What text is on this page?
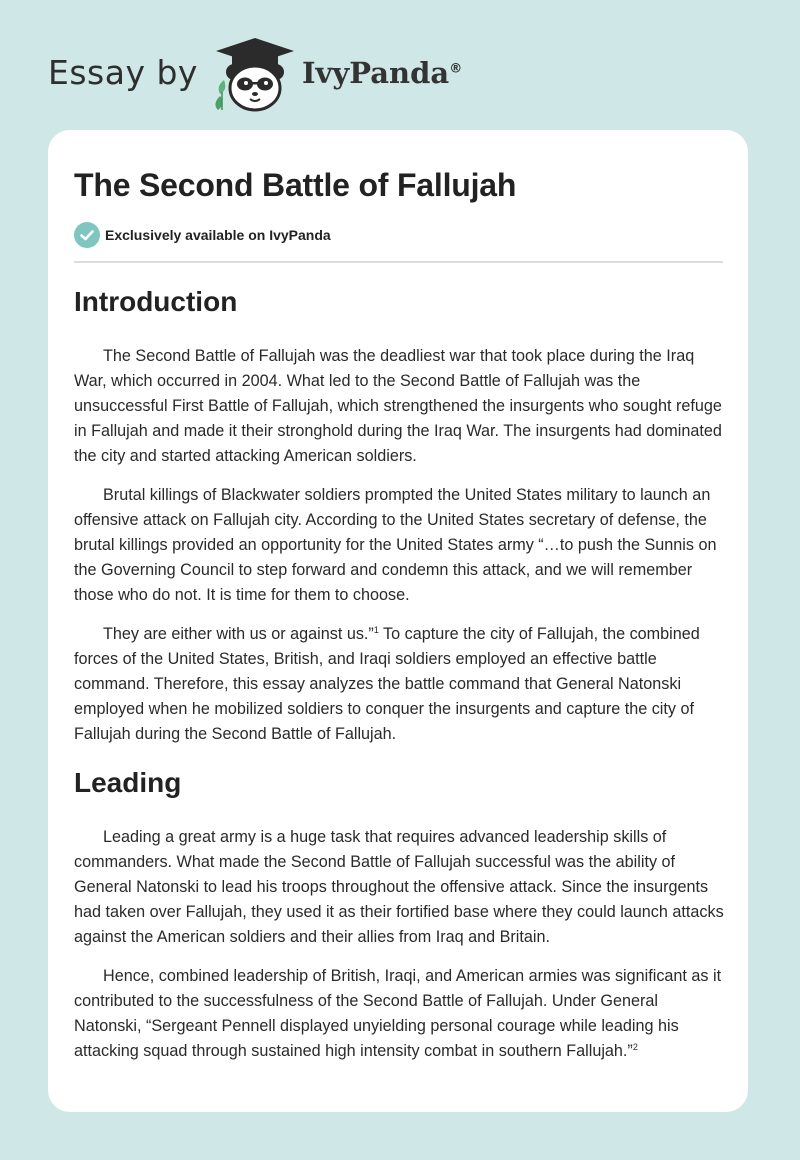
Essay by	IvyPanda®
The Second Battle of Fallujah
Exclusively available on IvyPanda
Introduction

The Second Battle of Fallujah was the deadliest war that took place during the Iraq War, which occurred in 2004. What led to the Second Battle of Fallujah was the unsuccessful First Battle of Fallujah, which strengthened the insurgents who sought refuge in Fallujah and made it their stronghold during the Iraq War. The insurgents had dominated the city and started attacking American soldiers.

Brutal killings of Blackwater soldiers prompted the United States military to launch an offensive attack on Fallujah city. According to the United States secretary of defense, the brutal killings provided an opportunity for the United States army “…to push the Sunnis on the Governing Council to step forward and condemn this attack, and we will remember those who do not. It is time for them to choose.

They are either with us or against us.”$^1$ To capture the city of Fallujah, the combined forces of the United States, British, and Iraqi soldiers employed an effective battle command. Therefore, this essay analyzes the battle command that General Natonski employed when he mobilized soldiers to conquer the insurgents and capture the city of Fallujah during the Second Battle of Fallujah.

Leading

Leading a great army is a huge task that requires advanced leadership skills of commanders. What made the Second Battle of Fallujah successful was the ability of General Natonski to lead his troops throughout the offensive attack. Since the insurgents had taken over Fallujah, they used it as their fortified base where they could launch attacks against the American soldiers and their allies from Iraq and Britain.

Hence, combined leadership of British, Iraqi, and American armies was significant as it contributed to the successfulness of the Second Battle of Fallujah. Under General Natonski, “Sergeant Pennell displayed unyielding personal courage while leading his attacking squad through sustained high intensity combat in southern Fallujah.”$^2$
